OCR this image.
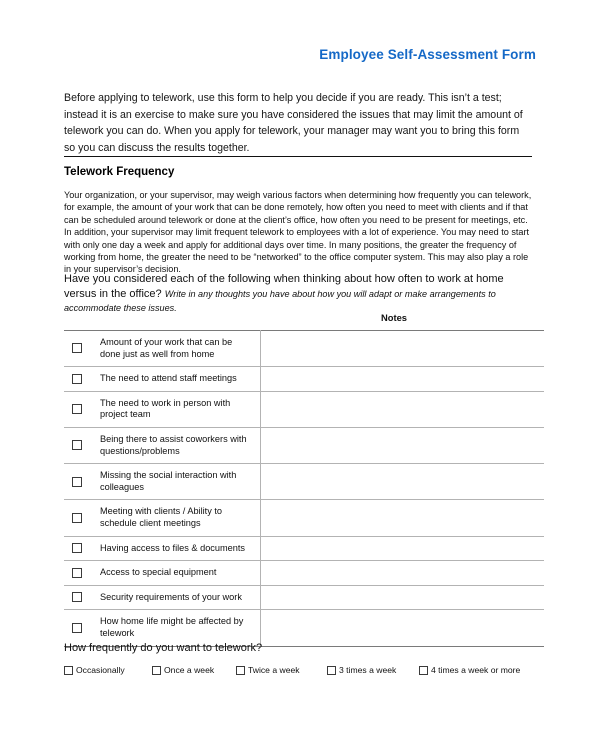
Employee Self-Assessment Form
Before applying to telework, use this form to help you decide if you are ready. This isn’t a test; instead it is an exercise to make sure you have considered the issues that may limit the amount of telework you can do. When you apply for telework, your manager may want you to bring this form so you can discuss the results together.
Telework Frequency
Your organization, or your supervisor, may weigh various factors when determining how frequently you can telework, for example, the amount of your work that can be done remotely, how often you need to meet with clients and if that can be scheduled around telework or done at the client’s office, how often you need to be present for meetings, etc. In addition, your supervisor may limit frequent telework to employees with a lot of experience. You may need to start with only one day a week and apply for additional days over time. In many positions, the greater the frequency of working from home, the greater the need to be “networked” to the office computer system. This may also play a role in your supervisor’s decision.
Have you considered each of the following when thinking about how often to work at home versus in the office? Write in any thoughts you have about how you will adapt or make arrangements to accommodate these issues.
Notes
	Amount of your work that can be done just as well from home	
	The need to attend staff meetings	
	The need to work in person with project team	
	Being there to assist coworkers with questions/problems	
	Missing the social interaction with colleagues	
	Meeting with clients / Ability to schedule client meetings	
	Having access to files & documents	
	Access to special equipment	
	Security requirements of your work	
	How home life might be affected by telework	
How frequently do you want to telework?
Occasionally	Once a week	Twice a week	3 times a week	4 times a week or more
